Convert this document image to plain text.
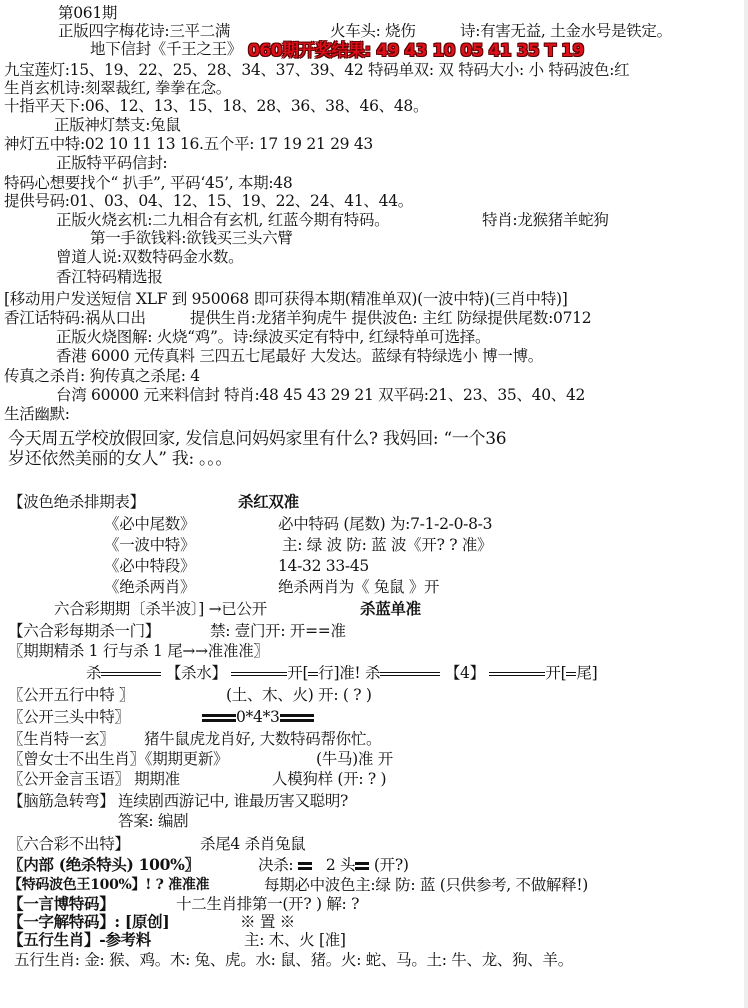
第061期
正版四字梅花诗:三平二满	火车头: 烧伤	诗:有害无益, 土金水号是铁定。
地下信封《千王之王》 060期开奖结果: 49 43 10 05 41 35 T 19
九宝莲灯:15、19、22、25、28、34、37、39、42 特码单双: 双 特码大小: 小 特码波色:红
生肖玄机诗:刻翠裁红, 拳拳在念。
十指平天下:06、12、13、15、18、28、36、38、46、48。
正版神灯禁支:兔鼠
神灯五中特:02 10 11 13 16.五个平: 17 19 21 29 43
正版特平码信封:
特码心想要找个“ 扒手”, 平码‘45’, 本期:48
提供号码:01、03、04、12、15、19、22、24、41、44。
正版火烧玄机:二九相合有玄机, 红蓝今期有特码。	特肖:龙猴猪羊蛇狗
第一手欲钱料:欲钱买三头六臂
曾道人说:双数特码金水数。
香江特码精选报
[移动用户发送短信 XLF 到 950068 即可获得本期(精准单双)(一波中特)(三肖中特)]
香江话特码:祸从口出	提供生肖:龙猪羊狗虎牛 提供波色: 主红 防绿提供尾数:0712
正版火烧图解: 火烧“鸡”。诗:绿波买定有特中, 红绿特单可选择。
香港 6000 元传真料 三四五七尾最好 大发达。蓝绿有特绿选小 博一博。
传真之杀肖: 狗传真之杀尾: 4
台湾 60000 元来料信封 特肖:48 45 43 29 21 双平码:21、23、35、40、42
生活幽默:
今天周五学校放假回家, 发信息问妈妈家里有什么? 我妈回: “一个36
岁还依然美丽的女人” 我: 。。。
【波色绝杀排期表】	杀红双准
《必中尾数》	必中特码 (尾数) 为:7-1-2-0-8-3
《一波中特》	主: 绿 波 防: 蓝 波《开? ? 准》
《必中特段》	14-32 33-45
《绝杀两肖》	绝杀两肖为《 兔鼠 》开
六合彩期期〔杀半波〕] →已公开	杀蓝单准
【六合彩每期杀一门】	禁: 壹门开: 开==准
〖期期精杀 1 行与杀 1 尾→→准准准〗
杀	【杀水】	开[ 行]准! 杀	【4】	开[ 尾]
〖公开五行中特 〗	(土、木、火) 开: ( ? )
〖公开三头中特〗	0*4*3
〖生肖特一玄〗 猪牛鼠虎龙肖好, 大数特码帮你忙。
〖曾女士不出生肖〗《期期更新》	(牛马)准 开
〖公开金言玉语〗 期期准	人模狗样 (开: ? )
【脑筋急转弯】 连续剧西游记中, 谁最历害又聪明?
答案: 编剧
〖六合彩不出特】	杀尾4 杀肖兔鼠
〖内部 (绝杀特头) 100%〗	决杀: 2 头 (开?)
【特码波色王100%】! ? 准准准	每期必中波色主:绿 防: 蓝 (只供参考, 不做解释!)
【一言博特码】	十二生肖排第一(开? ) 解: ?
【一字解特码】: [原创]	※ 置 ※
【五行生肖】-参考料	主: 木、火 [准]
五行生肖: 金: 猴、鸡。木: 兔、虎。水: 鼠、猪。火: 蛇、马。土: 牛、龙、狗、羊。
